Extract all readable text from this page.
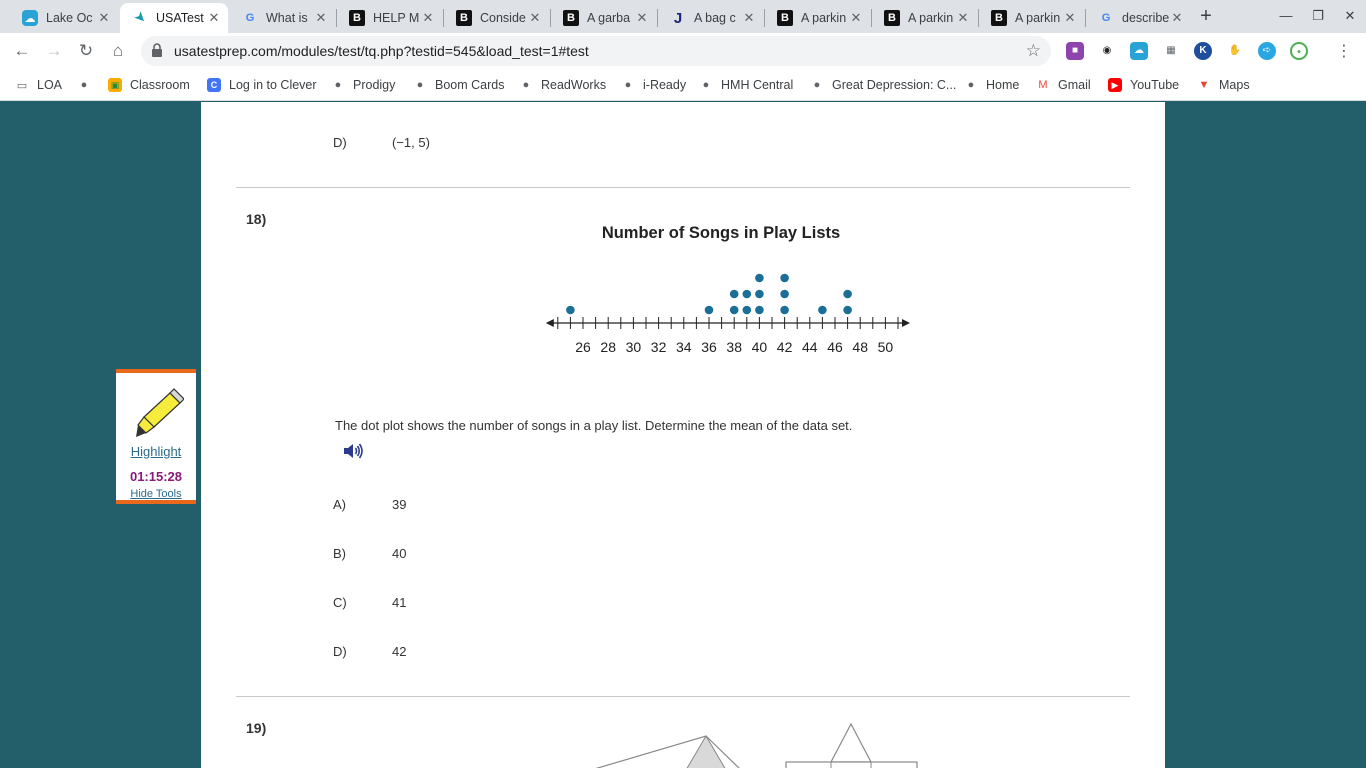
☁ Lake Oc ✕ ➤ USATest ✕	G What is ✕	B HELP M ✕	B Conside ✕	B A garba ✕ J A bag c ✕	B A parkin ✕	B A parkin ✕	B A parkin ✕	G describe ✕ +	—	❐	✕
← → ↻	⌂	usatestprep.com/modules/test/tq.php?testid=545&load_test=1#test	☆	■	◉	☁	▦	K	✋	➪	•	⋮
▭ LOA	●	▣ Classroom	C Log in to Clever	● Prodigy	● Boom Cards	● ReadWorks	● i-Ready	● HMH Central	● Great Depression: C...	● Home M Gmail	▶ YouTube ▼ Maps
D)	(−1, 5)
18)
Number of Songs in Play Lists
26 28 30 32 34 36 38 40 42 44 46 48 50
The dot plot shows the number of songs in a play list. Determine the mean of the data set.
A)	39
B)	40
C)	41
D)	42
19)
Highlight
01:15:28
Hide Tools
